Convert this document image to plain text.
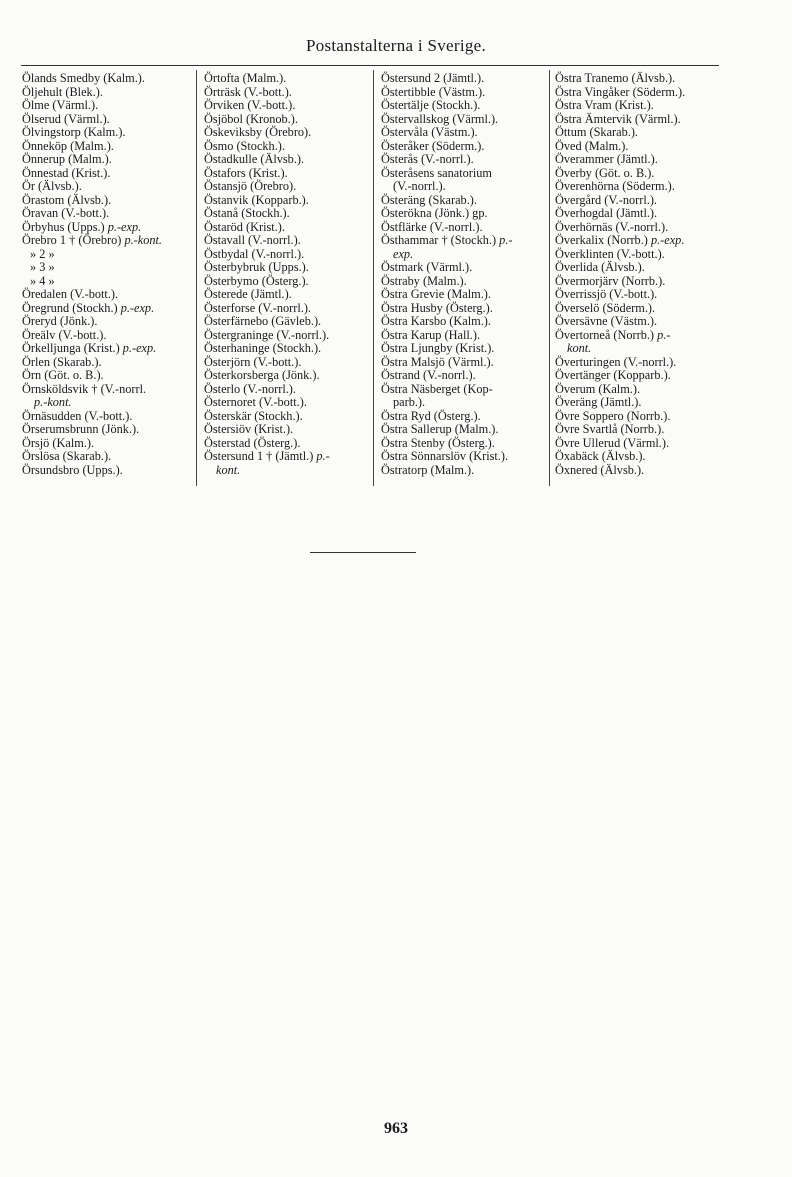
Postanstalterna i Sverige.
Ölands Smedby (Kalm.).
Öljehult (Blek.).
Ölme (Värml.).
Ölserud (Värml.).
Ölvingstorp (Kalm.).
Önneköp (Malm.).
Önnerup (Malm.).
Önnestad (Krist.).
Ör (Älvsb.).
Örastom (Älvsb.).
Öravan (V.-bott.).
Örbyhus (Upps.) p.-exp.
Örebro 1 † (Örebro) p.-kont.
» 2 »
» 3 »
» 4 »
Öredalen (V.-bott.).
Öregrund (Stockh.) p.-exp.
Öreryd (Jönk.).
Öreälv (V.-bott.).
Örkelljunga (Krist.) p.-exp.
Örlen (Skarab.).
Örn (Göt. o. B.).
Örnsköldsvik † (V.-norrl.
p.-kont.
Örnäsudden (V.-bott.).
Örserumsbrunn (Jönk.).
Örsjö (Kalm.).
Örslösa (Skarab.).
Örsundsbro (Upps.).
Örtofta (Malm.).
Örträsk (V.-bott.).
Örviken (V.-bott.).
Ösjöbol (Kronob.).
Öskeviksby (Örebro).
Ösmo (Stockh.).
Östadkulle (Älvsb.).
Östafors (Krist.).
Östansjö (Örebro).
Östanvik (Kopparb.).
Östanå (Stockh.).
Östaröd (Krist.).
Östavall (V.-norrl.).
Östbydal (V.-norrl.).
Österbybruk (Upps.).
Österbymo (Österg.).
Österede (Jämtl.).
Österforse (V.-norrl.).
Österfärnebo (Gävleb.).
Östergraninge (V.-norrl.).
Österhaninge (Stockh.).
Österjörn (V.-bott.).
Österkorsberga (Jönk.).
Österlo (V.-norrl.).
Östernoret (V.-bott.).
Österskär (Stockh.).
Östersiöv (Krist.).
Österstad (Österg.).
Östersund 1 † (Jämtl.) p.-
kont.
Östersund 2 (Jämtl.).
Östertibble (Västm.).
Östertälje (Stockh.).
Östervallskog (Värml.).
Östervåla (Västm.).
Österåker (Söderm.).
Österås (V.-norrl.).
Österåsens sanatorium
(V.-norrl.).
Österäng (Skarab.).
Österökna (Jönk.) gp.
Östflärke (V.-norrl.).
Östhammar † (Stockh.) p.-
exp.
Östmark (Värml.).
Östraby (Malm.).
Östra Grevie (Malm.).
Östra Husby (Österg.).
Östra Karsbo (Kalm.).
Östra Karup (Hall.).
Östra Ljungby (Krist.).
Östra Malsjö (Värml.).
Östrand (V.-norrl.).
Östra Näsberget (Kop-
parb.).
Östra Ryd (Österg.).
Östra Sallerup (Malm.).
Östra Stenby (Österg.).
Östra Sönnarslöv (Krist.).
Östratorp (Malm.).
Östra Tranemo (Älvsb.).
Östra Vingåker (Söderm.).
Östra Vram (Krist.).
Östra Ämtervik (Värml.).
Öttum (Skarab.).
Öved (Malm.).
Överammer (Jämtl.).
Överby (Göt. o. B.).
Överenhörna (Söderm.).
Övergård (V.-norrl.).
Överhogdal (Jämtl.).
Överhörnäs (V.-norrl.).
Överkalix (Norrb.) p.-exp.
Överklinten (V.-bott.).
Överlida (Älvsb.).
Övermorjärv (Norrb.).
Överrissjö (V.-bott.).
Överselö (Söderm.).
Översävne (Västm.).
Övertorneå (Norrb.) p.-
kont.
Överturingen (V.-norrl.).
Övertänger (Kopparb.).
Överum (Kalm.).
Överäng (Jämtl.).
Övre Soppero (Norrb.).
Övre Svartlå (Norrb.).
Övre Ullerud (Värml.).
Öxabäck (Älvsb.).
Öxnered (Älvsb.).
963
